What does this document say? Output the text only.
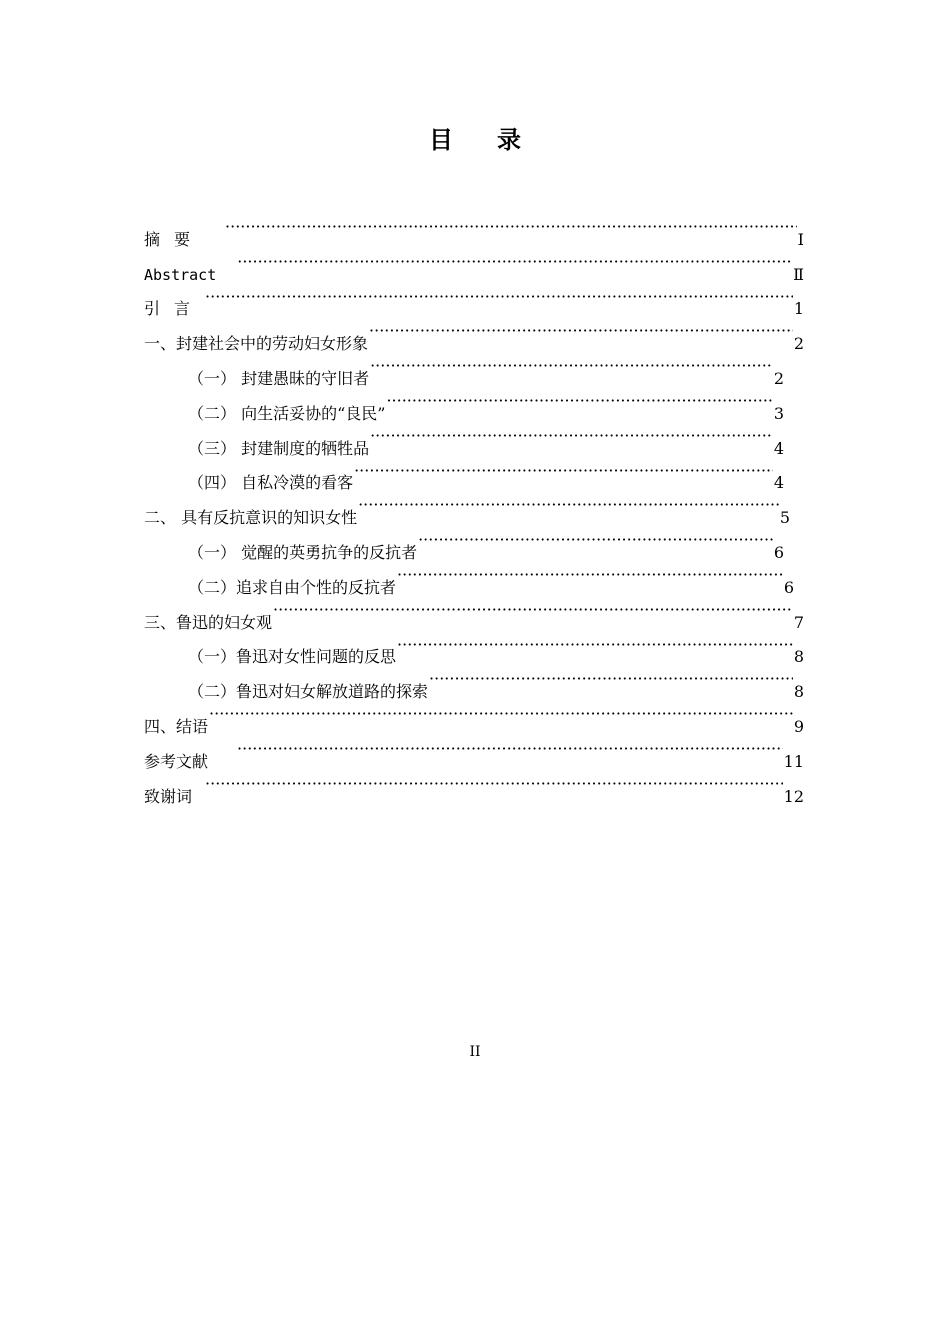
目录
摘要 ·····	I
Abstract ·····	Ⅱ
引言 ·····	1
一、封建社会中的劳动妇女形象 ·····	2
（一） 封建愚昧的守旧者 ·····	2
（二） 向生活妥协的“良民” ·····	3
（三） 封建制度的牺牲品 ·····	4
（四） 自私冷漠的看客 ·····	4
二、 具有反抗意识的知识女性 ·····	5
（一） 觉醒的英勇抗争的反抗者 ·····	6
（二）追求自由个性的反抗者 ·····	6
三、鲁迅的妇女观 ·····	7
（一）鲁迅对女性问题的反思 ·····	8
（二）鲁迅对妇女解放道路的探索 ·····	8
四、结语 ·····	9
参考文献 ·····	11
致谢词 ·····	12
II
